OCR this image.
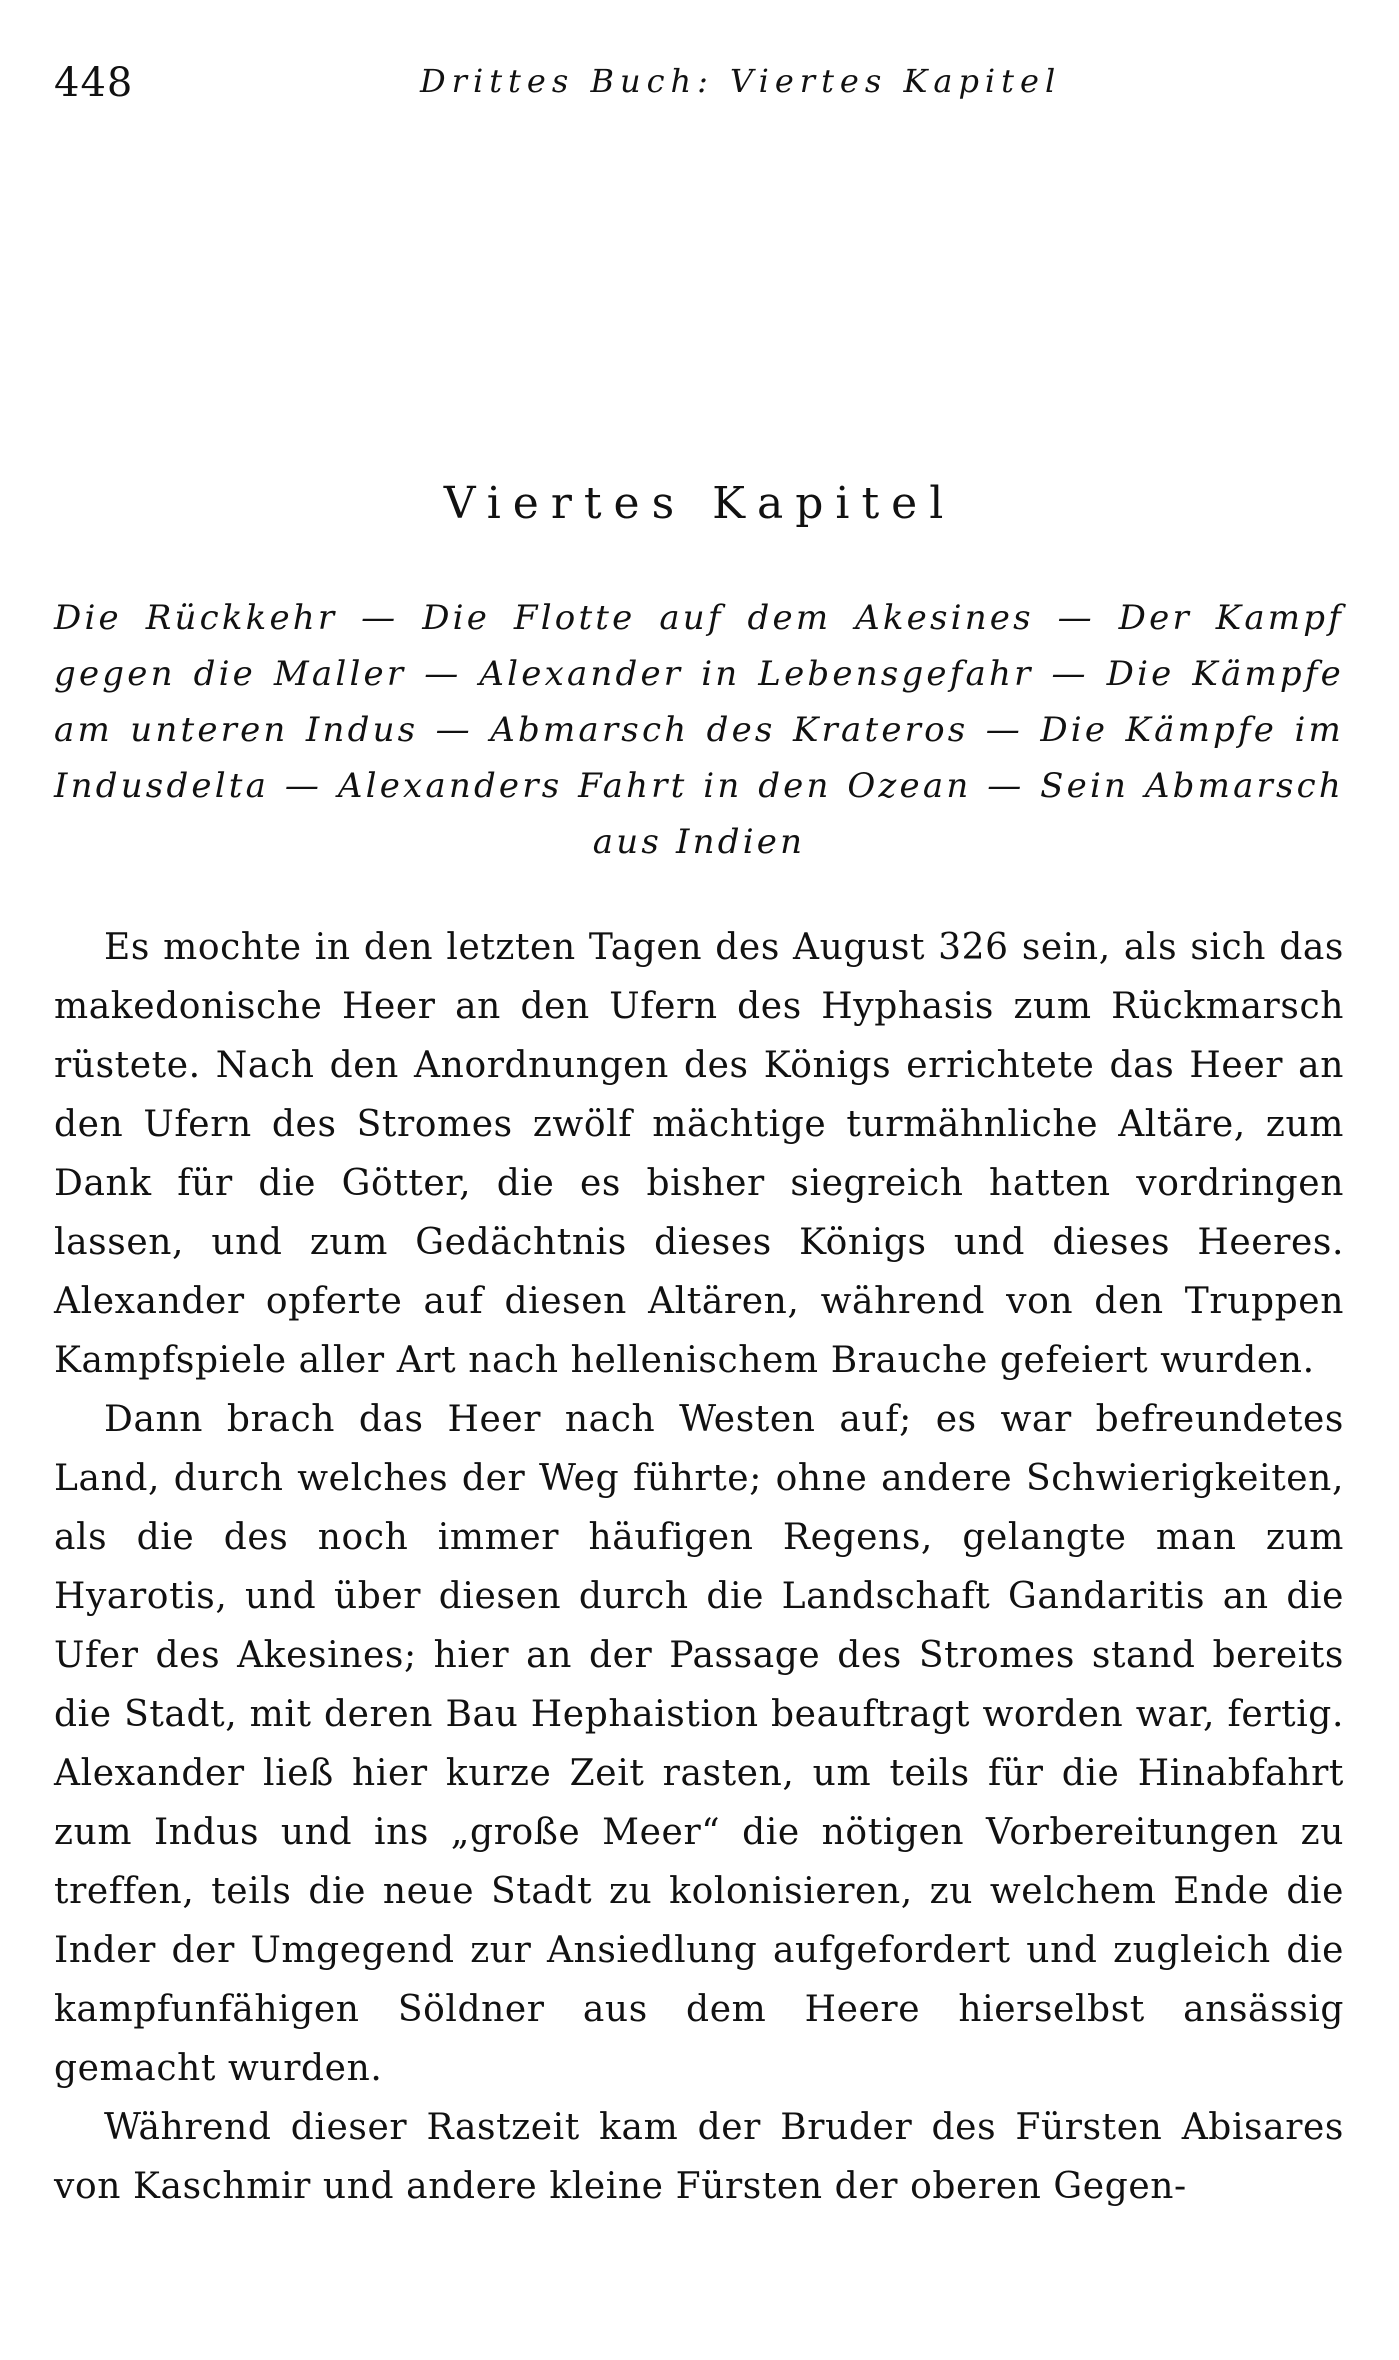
448	Drittes Buch: Viertes Kapitel
Viertes Kapitel
Die Rückkehr — Die Flotte auf dem Akesines — Der Kampf gegen die Maller — Alexander in Lebensgefahr — Die Kämpfe am unteren Indus — Abmarsch des Krateros — Die Kämpfe im Indusdelta — Alexanders Fahrt in den Ozean — Sein Abmarsch aus Indien

Es mochte in den letzten Tagen des August 326 sein, als sich das makedonische Heer an den Ufern des Hyphasis zum Rückmarsch rüstete. Nach den Anordnungen des Königs errichtete das Heer an den Ufern des Stromes zwölf mächtige turmähnliche Altäre, zum Dank für die Götter, die es bisher siegreich hatten vordringen lassen, und zum Gedächtnis dieses Königs und dieses Heeres. Alexander opferte auf diesen Altären, während von den Truppen Kampfspiele aller Art nach hellenischem Brauche gefeiert wurden.

Dann brach das Heer nach Westen auf; es war befreundetes Land, durch welches der Weg führte; ohne andere Schwierigkeiten, als die des noch immer häufigen Regens, gelangte man zum Hyarotis, und über diesen durch die Landschaft Gandaritis an die Ufer des Akesines; hier an der Passage des Stromes stand bereits die Stadt, mit deren Bau Hephaistion beauftragt worden war, fertig. Alexander ließ hier kurze Zeit rasten, um teils für die Hinabfahrt zum Indus und ins „große Meer“ die nötigen Vorbereitungen zu treffen, teils die neue Stadt zu kolonisieren, zu welchem Ende die Inder der Umgegend zur Ansiedlung aufgefordert und zugleich die kampfunfähigen Söldner aus dem Heere hierselbst ansässig gemacht wurden.

Während dieser Rastzeit kam der Bruder des Fürsten Abisares von Kaschmir und andere kleine Fürsten der oberen Gegen-
